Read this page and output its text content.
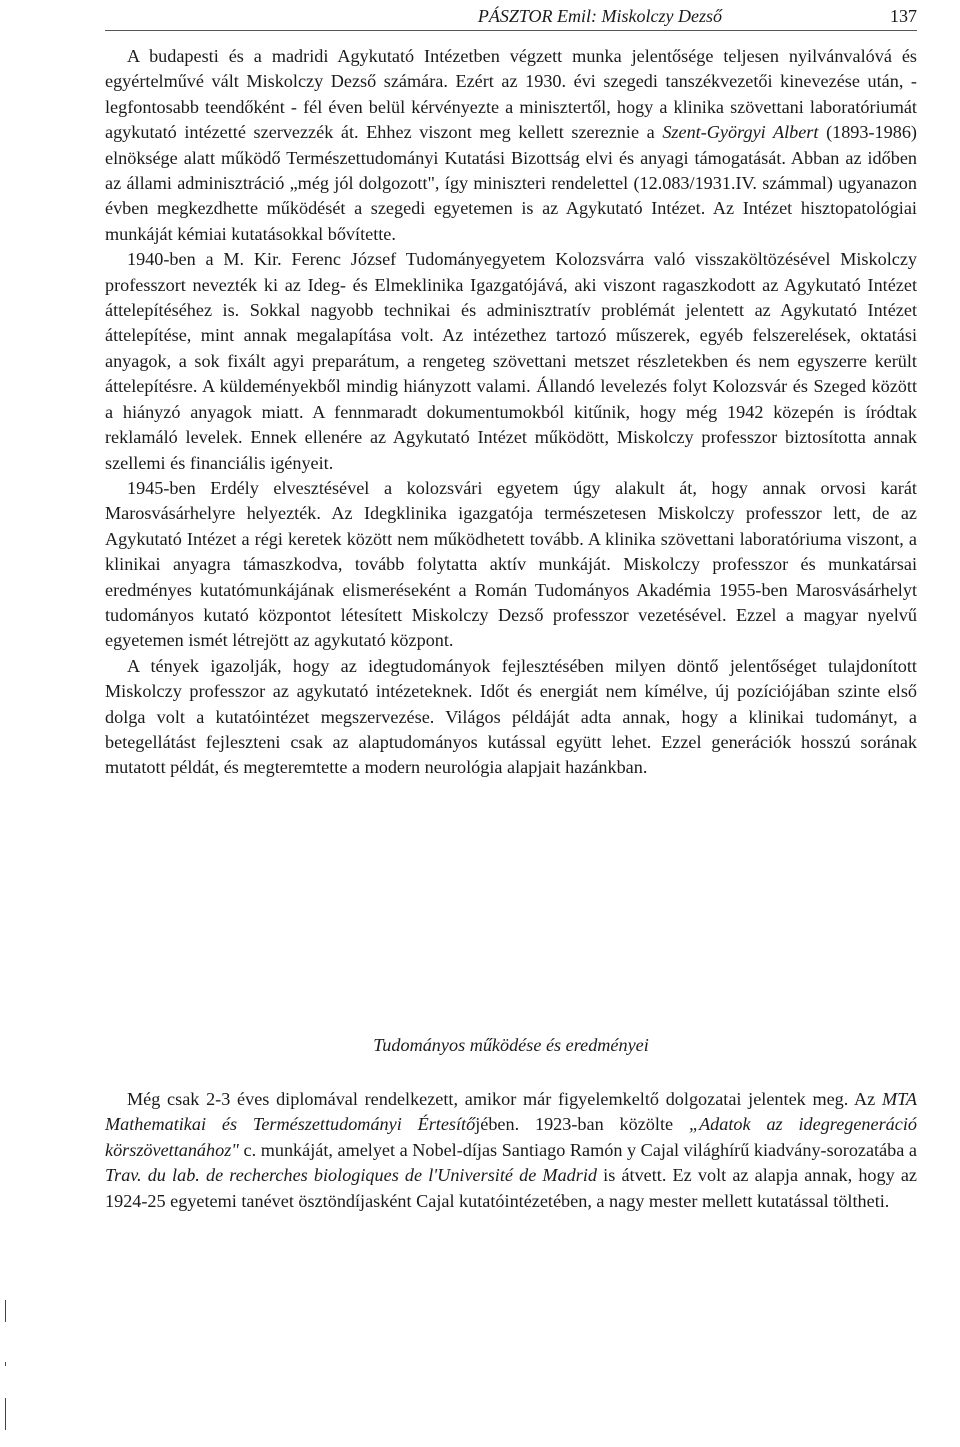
PÁSZTOR Emil: Miskolczy Dezső	137

A budapesti és a madridi Agykutató Intézetben végzett munka jelentősége teljesen nyilvánvalóvá és egyértelművé vált Miskolczy Dezső számára. Ezért az 1930. évi szegedi tanszékvezetői kinevezése után, - legfontosabb teendőként - fél éven belül kérvényezte a minisztertől, hogy a klinika szövettani laboratóriumát agykutató intézetté szervezzék át. Ehhez viszont meg kellett szereznie a Szent-Györgyi Albert (1893-1986) elnöksége alatt működő Természettudományi Kutatási Bizottság elvi és anyagi támogatását. Abban az időben az állami adminisztráció „még jól dolgozott", így miniszteri rendelettel (12.083/1931.IV. számmal) ugyanazon évben megkezdhette működését a szegedi egyetemen is az Agykutató Intézet. Az Intézet hisztopatológiai munkáját kémiai kutatásokkal bővítette.

1940-ben a M. Kir. Ferenc József Tudományegyetem Kolozsvárra való visszaköltözésével Miskolczy professzort nevezték ki az Ideg- és Elmeklinika Igazgatójává, aki viszont ragaszkodott az Agykutató Intézet áttelepítéséhez is. Sokkal nagyobb technikai és adminisztratív problémát jelentett az Agykutató Intézet áttelepítése, mint annak megalapítása volt. Az intézethez tartozó műszerek, egyéb felszerelések, oktatási anyagok, a sok fixált agyi preparátum, a rengeteg szövettani metszet részletekben és nem egyszerre került áttelepítésre. A küldeményekből mindig hiányzott valami. Állandó levelezés folyt Kolozsvár és Szeged között a hiányzó anyagok miatt. A fennmaradt dokumentumokból kitűnik, hogy még 1942 közepén is íródtak reklamáló levelek. Ennek ellenére az Agykutató Intézet működött, Miskolczy professzor biztosította annak szellemi és financiális igényeit.

1945-ben Erdély elvesztésével a kolozsvári egyetem úgy alakult át, hogy annak orvosi karát Marosvásárhelyre helyezték. Az Idegklinika igazgatója természetesen Miskolczy professzor lett, de az Agykutató Intézet a régi keretek között nem működhetett tovább. A klinika szövettani laboratóriuma viszont, a klinikai anyagra támaszkodva, tovább folytatta aktív munkáját. Miskolczy professzor és munkatársai eredményes kutatómunkájának elismeréseként a Román Tudományos Akadémia 1955-ben Marosvásárhelyt tudományos kutató központot létesített Miskolczy Dezső professzor vezetésével. Ezzel a magyar nyelvű egyetemen ismét létrejött az agykutató központ.

A tények igazolják, hogy az idegtudományok fejlesztésében milyen döntő jelentőséget tulajdonított Miskolczy professzor az agykutató intézeteknek. Időt és energiát nem kímélve, új pozíciójában szinte első dolga volt a kutatóintézet megszervezése. Világos példáját adta annak, hogy a klinikai tudományt, a betegellátást fejleszteni csak az alaptudományos kutással együtt lehet. Ezzel generációk hosszú sorának mutatott példát, és megteremtette a modern neurológia alapjait hazánkban.

Tudományos működése és eredményei

Még csak 2-3 éves diplomával rendelkezett, amikor már figyelemkeltő dolgozatai jelentek meg. Az MTA Mathematikai és Természettudományi Értesítőjében. 1923-ban közölte „Adatok az idegregeneráció körszövettanához" c. munkáját, amelyet a Nobel-díjas Santiago Ramón y Cajal világhírű kiadvány-sorozatába a Trav. du lab. de recherches biologiques de l'Université de Madrid is átvett. Ez volt az alapja annak, hogy az 1924-25 egyetemi tanévet ösztöndíjasként Cajal kutatóintézetében, a nagy mester mellett kutatással töltheti.
